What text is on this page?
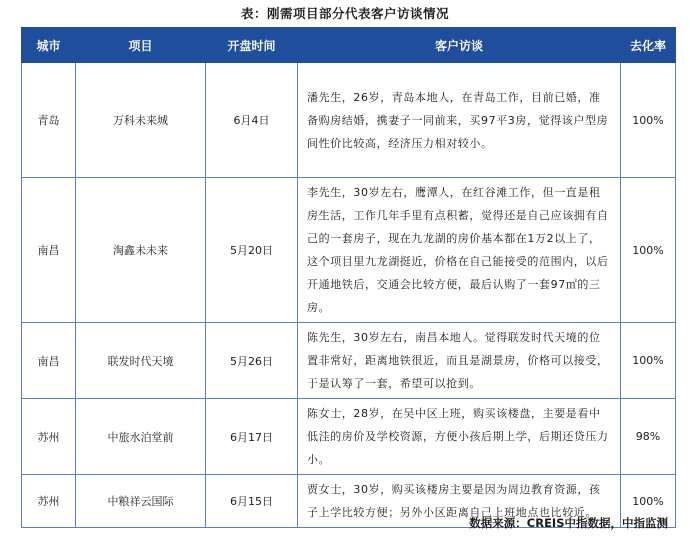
表：刚需项目部分代表客户访谈情况
城市	项目	开盘时间	客户访谈	去化率
青岛	万科未来城	6月4日	潘先生，26岁，青岛本地人，在青岛工作，目前已婚，准备购房结婚，携妻子一同前来，买97平3房，觉得该户型房间性价比较高，经济压力相对较小。	100%
南昌	淘鑫未未来	5月20日	李先生，30岁左右，鹰潭人，在红谷滩工作，但一直是租房生活，工作几年手里有点积蓄，觉得还是自己应该拥有自己的一套房子，现在九龙湖的房价基本都在1万2以上了，这个项目里九龙湖挺近，价格在自己能接受的范围内，以后开通地铁后，交通会比较方便，最后认购了一套97㎡的三房。	100%
南昌	联发时代天境	5月26日	陈先生，30岁左右，南昌本地人。觉得联发时代天境的位置非常好，距离地铁很近，而且是湖景房，价格可以接受，于是认筹了一套，希望可以抢到。	100%
苏州	中旅水泊堂前	6月17日	陈女士，28岁，在吴中区上班，购买该楼盘，主要是看中低洼的房价及学校资源，方便小孩后期上学，后期还贷压力小。	98%
苏州	中粮祥云国际	6月15日	贾女士，30岁，购买该楼房主要是因为周边教育资源，孩子上学比较方便；另外小区距离自己上班地点也比较近。	100%
数据来源：CREIS中指数据，中指监测
